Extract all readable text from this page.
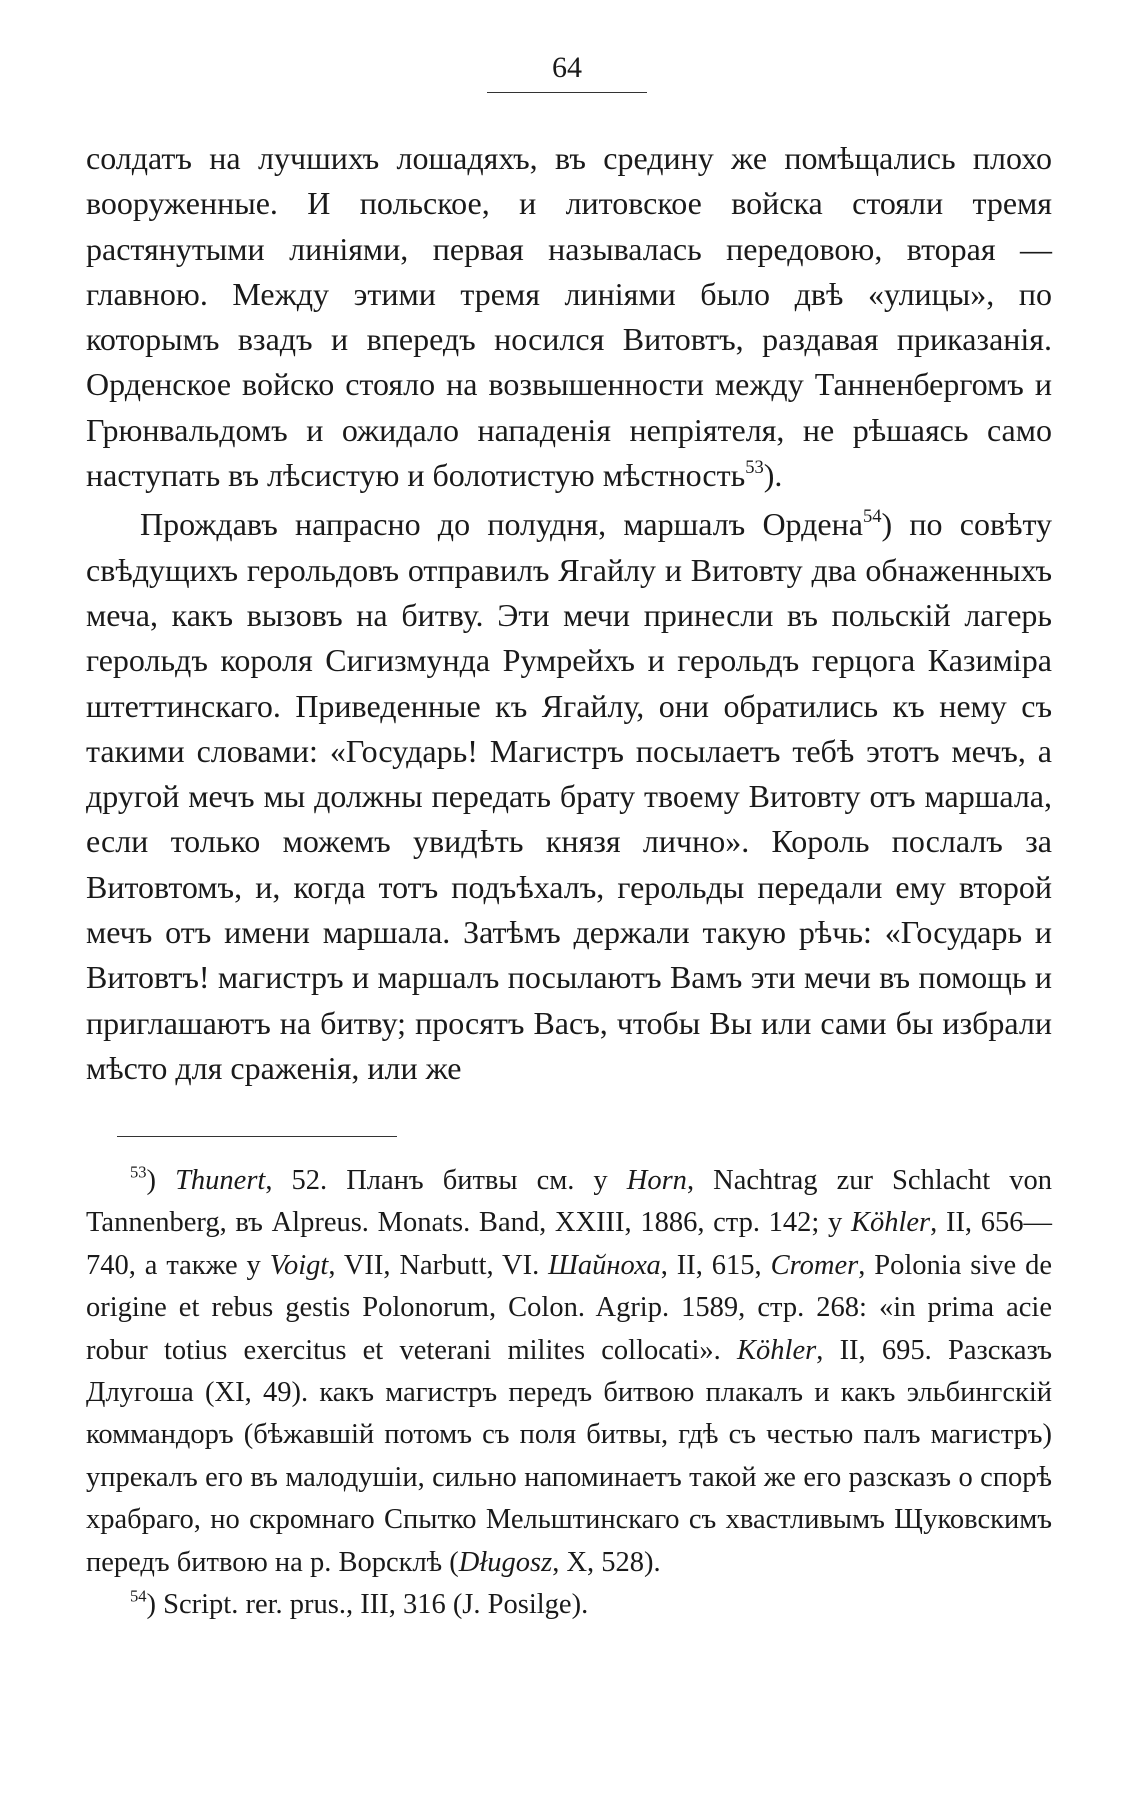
64

солдатъ на лучшихъ лошадяхъ, въ средину же помѣщались плохо вооруженные. И польское, и литовское войска стояли тремя растянутыми линіями, первая называлась передовою, вторая — главною. Между этими тремя линіями было двѣ «улицы», по которымъ взадъ и впередъ носился Витовтъ, раздавая приказанія. Орденское войско стояло на возвышенности между Танненбергомъ и Грюнвальдомъ и ожидало нападенія непріятеля, не рѣшаясь само наступать въ лѣсистую и болотистую мѣстность$^{53}$).

Прождавъ напрасно до полудня, маршалъ Ордена$^{54}$) по совѣту свѣдущихъ герольдовъ отправилъ Ягайлу и Витовту два обнаженныхъ меча, какъ вызовъ на битву. Эти мечи принесли въ польскій лагерь герольдъ короля Сигизмунда Румрейхъ и герольдъ герцога Казиміра штеттинскаго. Приведенные къ Ягайлу, они обратились къ нему съ такими словами: «Государь! Магистръ посылаетъ тебѣ этотъ мечъ, а другой мечъ мы должны передать брату твоему Витовту отъ маршала, если только можемъ увидѣть князя лично». Король послалъ за Витовтомъ, и, когда тотъ подъѣхалъ, герольды передали ему второй мечъ отъ имени маршала. Затѣмъ держали такую рѣчь: «Государь и Витовтъ! магистръ и маршалъ посылаютъ Вамъ эти мечи въ помощь и приглашаютъ на битву; просятъ Васъ, чтобы Вы или сами бы избрали мѣсто для сраженія, или же

$^{53}$) Thunert, 52. Планъ битвы см. у Horn, Nachtrag zur Schlacht von Tannenberg, въ Alpreus. Monats. Band, XXIII, 1886, стр. 142; у Köhler, II, 656—740, а также у Voigt, VII, Narbutt, VI. Шайноха, II, 615, Cromer, Polonia sive de origine et rebus gestis Polonorum, Colon. Agrip. 1589, стр. 268: «in prima acie robur totius exercitus et veterani milites collocati». Köhler, II, 695. Разсказъ Длугоша (XI, 49). какъ магистръ передъ битвою плакалъ и какъ эльбингскій коммандоръ (бѣжавшій потомъ съ поля битвы, гдѣ съ честью палъ магистръ) упрекалъ его въ малодушіи, сильно напоминаетъ такой же его разсказъ о спорѣ храбраго, но скромнаго Спытко Мельштинскаго съ хвастливымъ Щуковскимъ передъ битвою на р. Ворсклѣ (Długosz, X, 528).

$^{54}$) Script. rer. prus., III, 316 (J. Posilge).
